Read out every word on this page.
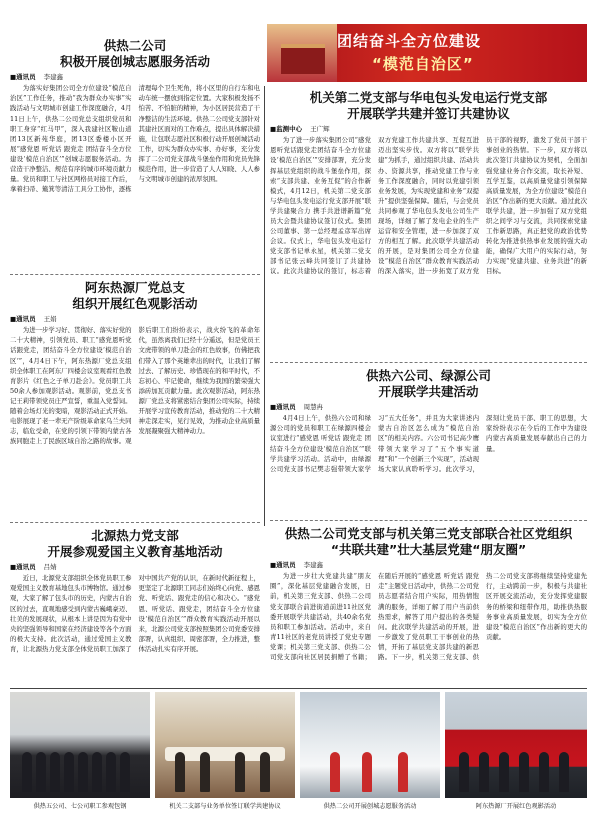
团结奋斗全方位建设
“模范自治区”
供热二公司
积极开展创城志愿服务活动
■通讯员 李建鑫
为落实好集团公司全方位建设“模范自治区”工作任务，推动“我为群众办实事”实践活动与文明城市创建工作深度融合，4月11日上午，供热二公司党总支组织党员和职工身穿“红马甲”，深入我建社区鞍山道团13区新苑华庭，团13区委楼小区开展“感党恩 听党话 跟党走 团结奋斗全方位建设‘模范自治区’”创城志愿服务活动。为营造干净整洁、规范有序的城市环境贡献力量。党员和职工与社区网格员对接工作后，拿着扫帚、簸箕等清洁工具分工协作，逐栋清理每个卫生死角，将小区里的自行车和电动车统一摆放到指定位置。大家积极发扬不怕苦、不怕脏的精神，为小区居民营造了干净整洁的生活环境。供热二公司党支部针对其建社区面对的工作难点，提出具体解决措施，让包联志愿社区积极行动开展创城活动工作，切实为群众办实事、办好事，充分发挥了二公司党支部战斗堡垒作用和党员先锋模范作用，进一步营造了人人知晓、人人参与文明城市创建的浓厚氛围。
阿东热源厂党总支
组织开展红色观影活动
■通讯员 王娟
为进一步学习好、贯彻好、落实好党的二十大精神，引领党员、职工“感党恩听党话跟党走，团结奋斗全方位建设‘模范自治区’”，4月4日下午，阿东热源厂党总支组织全体职工在阿东厂四楼会议室观看红色教育影片《红色之子单刀赴会》。党员职工共50余人参加观影活动。观影前，党总支书记王莉带领党员庄严宣誓，重温入党誓词。随着会场灯光的变暗，观影活动正式开始。电影展现了老一辈无产阶级革命家乌兰夫同志，临危受命，在党的引领下带领内蒙古各族同胞走上了民族区域自治之路的故事。观影后职工们纷纷表示，战火纷飞的革命年代，虽然离我们已经十分遥远，但是党员王文虎带领的单刀赴会的红色故事，仿佛把我们带入了那个英雄辈出的时代，让我们了解过去、了解历史、珍惜现在的和平时代，不忘初心、牢记使命，继续为我国的繁荣强大添砖加瓦贡献力量。此次观影活动，阿东热源厂党总支将紧密结合集团公司实际，持续开展学习宣传教育活动，推动党的二十大精神走深走实，见行见效，为推动企业高质量发展凝聚强大精神动力。
北源热力党支部
开展参观爱国主义教育基地活动
■通讯员 吕婧
近日，北源党支部组织全体党员职工参观爱国主义教育基地包头市博物馆。通过参观，大家了解了包头市的历史，内蒙古自治区的过去，直观地感受到内蒙古巍峨豪迈、壮美的发展现状，从根本上讲是因为有党中央的坚强领导和国家在经济建设等各个方面的极大支持。此次活动，通过爱国主义教育，让北源热力党支部全体党员职工加深了对中国共产党的认识，在新时代新征程上，更坚定了北源职工同志们始终心向党、感恩党、听党话、跟党走的信心和决心。“感党恩、听党话、跟党走，团结奋斗全方位建设‘模范自治区’”群众教育实践活动开展以来，北源公司党支部按照集团公司党委安排部署，认真组织、周密部署，全力推进，整体活动扎实有序开展。
机关第二党支部与华电包头发电运行党支部
开展联学共建并签订共建协议
■监测中心 王广辉
为了进一步落实集团公司“感党恩听党话跟党走团结奋斗全方位建设‘模范自治区’”安排部署，充分发挥基层党组织的战斗堡垒作用，探索“支部共建、业务互促”的合作新模式，4月12日，机关第二党支部与华电包头发电运行党支部开展“联学共建聚合力 携手共进谱新篇”党员大会暨共建协议签订仪式。集团公司董事、第一总经理孟彦军出席会议。仪式上，华电包头发电运行党支部书记单永星，机关第二党支部书记张云峰共同签订了共建协议。此次共建协议的签订，标志着双方党建工作共建共享、互促互进迈出坚实步伐。双方将以“联学共建”为抓手，通过组织共建、活动共办、资源共享，推动党建工作与业务工作深度融合，同时以党建引领业务发展，为实现党建和业务“双提升”提供坚强保障。随后，与会党员共同参观了华电包头发电公司生产现场，详细了解了发电企业的生产运营和安全管理，进一步加深了双方的相互了解。此次联学共建活动的开展，是对集团公司全方位建设“模范自治区”群众教育实践活动的深入落实，进一步拓宽了双方党员干部的视野，激发了党员干部干事创业的热情。下一步，双方将以此次签订共建协议为契机，全面加强党建业务合作交流，取长补短、互学互鉴，以高质量党建引领保障高质量发展，为全方位建设“模范自治区”作出新的更大贡献。通过此次联学共建，进一步加强了双方党组织之间学习与交流，共同探索党建工作新思路，真正把党的政治优势转化为推进供热事业发展的强大动能，确保广大用户的实际行动，努力实现“党建共建、业务共进”的新目标。
供热六公司、绿源公司
开展联学共建活动
■通讯员 周慧冉
4月4日上午，供热六公司和绿源公司的党员和职工在绿源四楼会议室进行“感党恩 听党话 跟党走 团结奋斗全方位建设‘模范自治区’”联学共建学习活动。活动中，由绿源公司党支部书记樊志强带领大家学习“五大任务”，并且为大家讲述内蒙古自治区怎么成为“模范自治区”的相关内容。六公司书记高少鹰带领大家学习了“五个事实道理”和“一个创新三个实现”，活动现场大家认真聆听学习。此次学习，深刻让党员干部、职工的思想，大家纷纷表示在今后的工作中为建设内蒙古高质量发展奉献出自己的力量。
供热二公司党支部与机关第三党支部联合社区党组织
“共联共建”壮大基层党建“朋友圈”
■通讯员 李建鑫
为进一步壮大党建共建“朋友圈”，深化基层党建融合发展，日前，机关第三党支部、供热二公司党支部联合前进街道前进11社区党委开展联学共建活动，共40余名党员和职工参加活动。活动中，来自青11社区的老党员讲授了党史专题党课；机关第三党支部、供热二公司党支部向社区居民捐赠了书籍；在随后开展的“感党恩 听党话 跟党走”主题党日活动中，供热二公司党员志愿者结合用户实际，用热情饱满的服务，详细了解了用户当前供热需求，解答了用户提出的各类疑问。此次联学共建活动的开展，进一步激发了党员职工干事创业的热情，开拓了基层党支部共建的新思路。下一步，机关第三党支部、供热二公司党支部将继续坚持党建先行，主动跨前一步，积极与共建社区开展交流活动，充分发挥党建服务的桥梁和纽带作用，助推供热服务事业高质量发展，切实为全方位建设“模范自治区”作出新的更大的贡献。
供热五公司、七公司职工参观包钢	机关二支部与业务单位签订联学共建协议	供热二公司开展创城志愿服务活动	阿东热源厂开展红色观影活动
